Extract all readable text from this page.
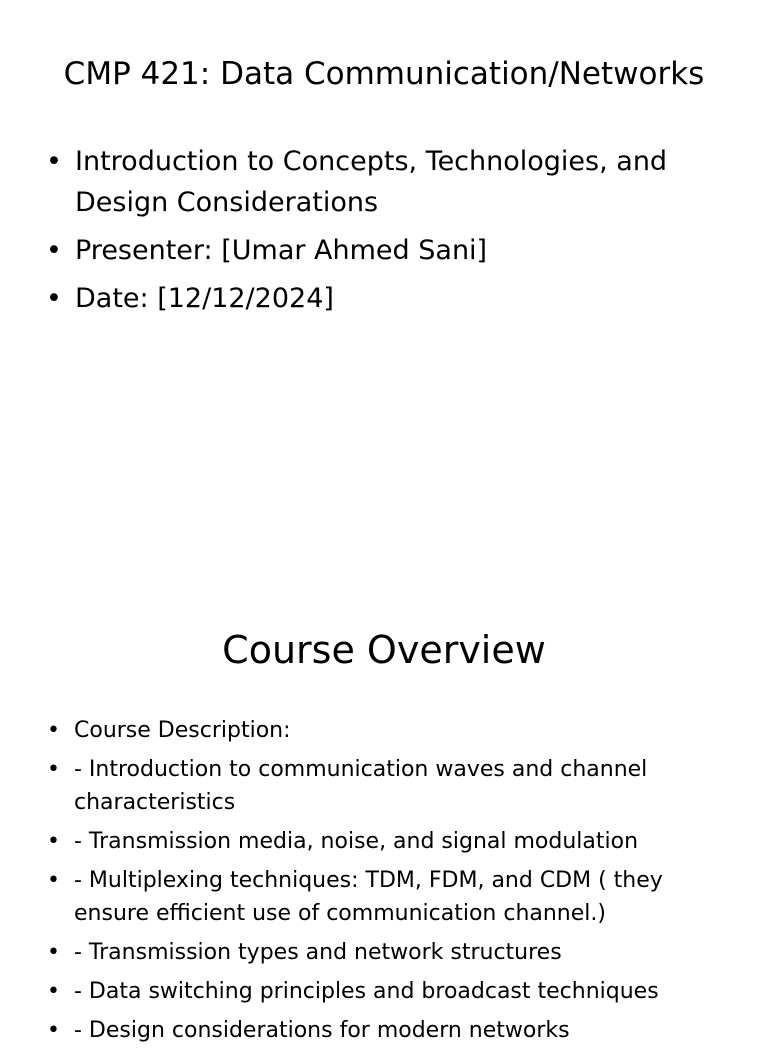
CMP 421: Data Communication/Networks
• Introduction to Concepts, Technologies, and Design Considerations
• Presenter: [Umar Ahmed Sani]
• Date: [12/12/2024]
Course Overview
• Course Description:
• - Introduction to communication waves and channel characteristics
• - Transmission media, noise, and signal modulation
• - Multiplexing techniques: TDM, FDM, and CDM ( they ensure efficient use of communication channel.)
• - Transmission types and network structures
• - Data switching principles and broadcast techniques
• - Design considerations for modern networks
